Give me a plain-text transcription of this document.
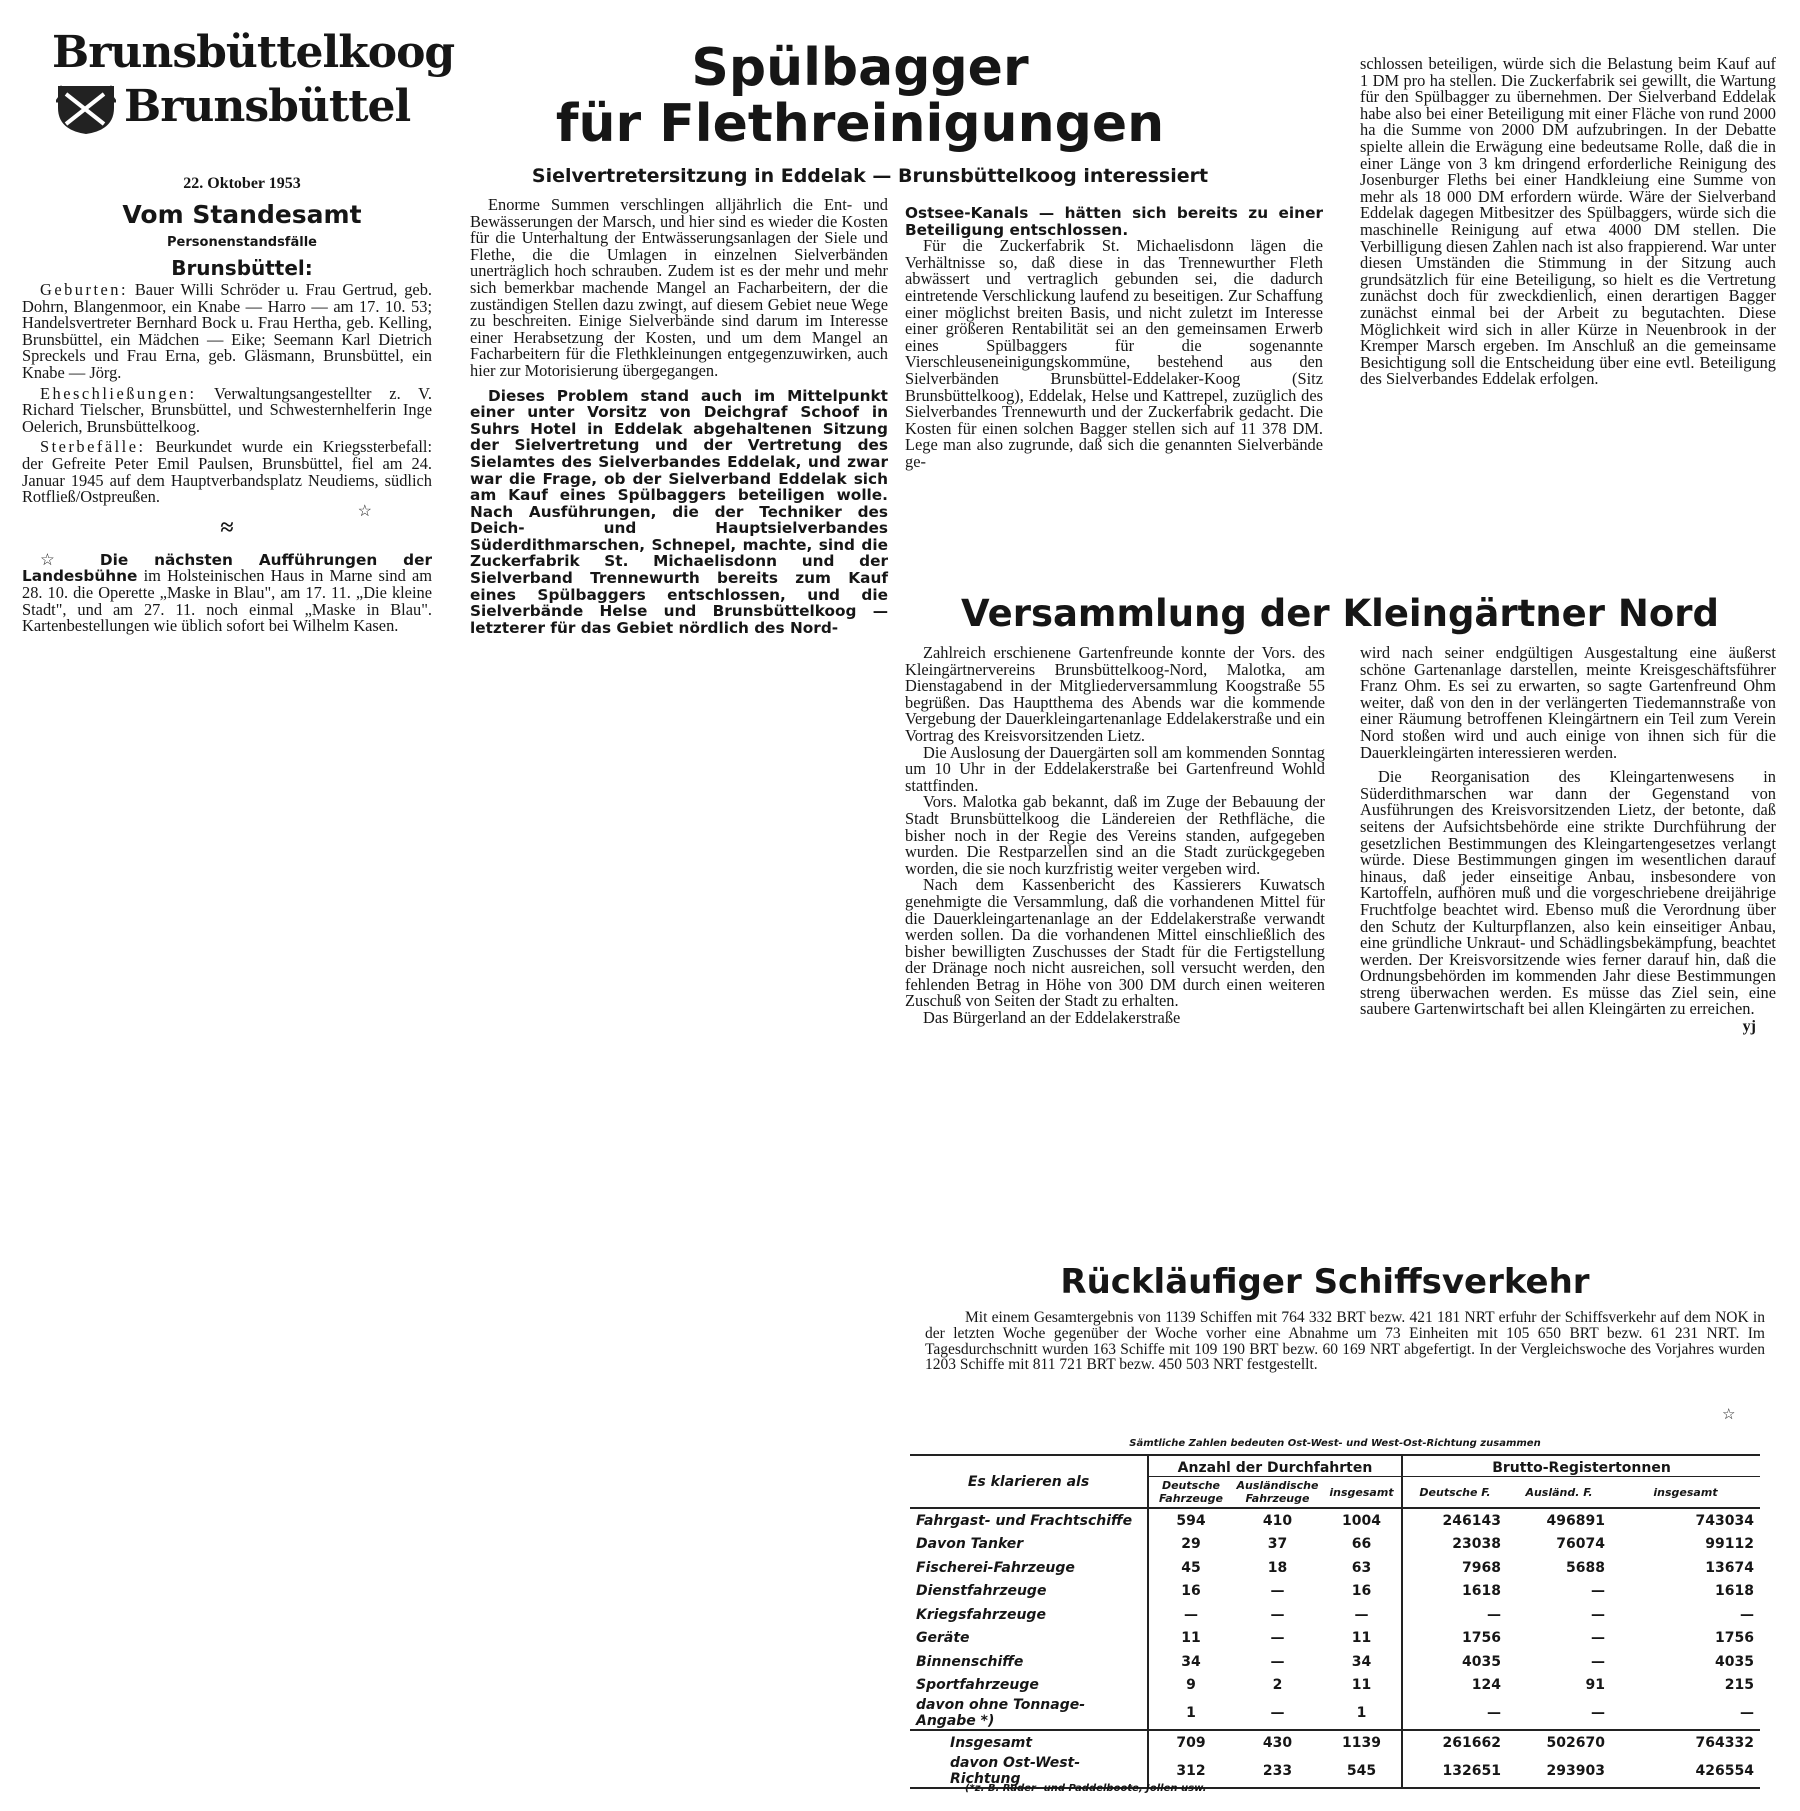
Brunsbüttelkoog
Brunsbüttel
22. Oktober 1953
Vom Standesamt
Personenstandsfälle
Brunsbüttel:

Geburten: Bauer Willi Schröder u. Frau Gertrud, geb. Dohrn, Blangenmoor, ein Knabe — Harro — am 17. 10. 53; Handelsvertreter Bernhard Bock u. Frau Hertha, geb. Kelling, Brunsbüttel, ein Mädchen — Eike; Seemann Karl Dietrich Spreckels und Frau Erna, geb. Gläsmann, Brunsbüttel, ein Knabe — Jörg.

Eheschließungen: Verwaltungsangestellter z. V. Richard Tielscher, Brunsbüttel, und Schwesternhelferin Inge Oelerich, Brunsbüttelkoog.

Sterbefälle: Beurkundet wurde ein Kriegssterbefall: der Gefreite Peter Emil Paulsen, Brunsbüttel, fiel am 24. Januar 1945 auf dem Hauptverbandsplatz Neudiems, südlich Rotfließ/Ostpreußen.

☆
≈

☆ Die nächsten Aufführungen der Landesbühne im Holsteinischen Haus in Marne sind am 28. 10. die Operette „Maske in Blau", am 17. 11. „Die kleine Stadt", und am 27. 11. noch einmal „Maske in Blau". Kartenbestellungen wie üblich sofort bei Wilhelm Kasen.

Spülbagger
für Flethreinigungen
Sielvertretersitzung in Eddelak — Brunsbüttelkoog interessiert

Enorme Summen verschlingen alljährlich die Ent- und Bewässerungen der Marsch, und hier sind es wieder die Kosten für die Unterhaltung der Entwässerungsanlagen der Siele und Flethe, die die Umlagen in einzelnen Sielverbänden unerträglich hoch schrauben. Zudem ist es der mehr und mehr sich bemerkbar machende Mangel an Facharbeitern, der die zuständigen Stellen dazu zwingt, auf diesem Gebiet neue Wege zu beschreiten. Einige Sielverbände sind darum im Interesse einer Herabsetzung der Kosten, und um dem Mangel an Facharbeitern für die Flethkleinungen entgegenzuwirken, auch hier zur Motorisierung übergegangen.

Dieses Problem stand auch im Mittelpunkt einer unter Vorsitz von Deichgraf Schoof in Suhrs Hotel in Eddelak abgehaltenen Sitzung der Sielvertretung und der Vertretung des Sielamtes des Sielverbandes Eddelak, und zwar war die Frage, ob der Sielverband Eddelak sich am Kauf eines Spülbaggers beteiligen wolle. Nach Ausführungen, die der Techniker des Deich- und Hauptsielverbandes Süderdithmarschen, Schnepel, machte, sind die Zuckerfabrik St. Michaelisdonn und der Sielverband Trennewurth bereits zum Kauf eines Spülbaggers entschlossen, und die Sielverbände Helse und Brunsbüttelkoog — letzterer für das Gebiet nördlich des Nord-

Ostsee-Kanals — hätten sich bereits zu einer Beteiligung entschlossen.

Für die Zuckerfabrik St. Michaelisdonn lägen die Verhältnisse so, daß diese in das Trennewurther Fleth abwässert und vertraglich gebunden sei, die dadurch eintretende Verschlickung laufend zu beseitigen. Zur Schaffung einer möglichst breiten Basis, und nicht zuletzt im Interesse einer größeren Rentabilität sei an den gemeinsamen Erwerb eines Spülbaggers für die sogenannte Vierschleuseneinigungskommüne, bestehend aus den Sielverbänden Brunsbüttel-Eddelaker-Koog (Sitz Brunsbüttelkoog), Eddelak, Helse und Kattrepel, zuzüglich des Sielverbandes Trennewurth und der Zuckerfabrik gedacht. Die Kosten für einen solchen Bagger stellen sich auf 11 378 DM. Lege man also zugrunde, daß sich die genannten Sielverbände ge-

schlossen beteiligen, würde sich die Belastung beim Kauf auf 1 DM pro ha stellen. Die Zuckerfabrik sei gewillt, die Wartung für den Spülbagger zu übernehmen. Der Sielverband Eddelak habe also bei einer Beteiligung mit einer Fläche von rund 2000 ha die Summe von 2000 DM aufzubringen. In der Debatte spielte allein die Erwägung eine bedeutsame Rolle, daß die in einer Länge von 3 km dringend erforderliche Reinigung des Josenburger Fleths bei einer Handkleiung eine Summe von mehr als 18 000 DM erfordern würde. Wäre der Sielverband Eddelak dagegen Mitbesitzer des Spülbaggers, würde sich die maschinelle Reinigung auf etwa 4000 DM stellen. Die Verbilligung diesen Zahlen nach ist also frappierend. War unter diesen Umständen die Stimmung in der Sitzung auch grundsätzlich für eine Beteiligung, so hielt es die Vertretung zunächst doch für zweckdienlich, einen derartigen Bagger zunächst einmal bei der Arbeit zu begutachten. Diese Möglichkeit wird sich in aller Kürze in Neuenbrook in der Kremper Marsch ergeben. Im Anschluß an die gemeinsame Besichtigung soll die Entscheidung über eine evtl. Beteiligung des Sielverbandes Eddelak erfolgen.

Versammlung der Kleingärtner Nord

Zahlreich erschienene Gartenfreunde konnte der Vors. des Kleingärtnervereins Brunsbüttelkoog-Nord, Malotka, am Dienstagabend in der Mitgliederversammlung Koogstraße 55 begrüßen. Das Hauptthema des Abends war die kommende Vergebung der Dauerkleingartenanlage Eddelakerstraße und ein Vortrag des Kreisvorsitzenden Lietz.

Die Auslosung der Dauergärten soll am kommenden Sonntag um 10 Uhr in der Eddelakerstraße bei Gartenfreund Wohld stattfinden.

Vors. Malotka gab bekannt, daß im Zuge der Bebauung der Stadt Brunsbüttelkoog die Ländereien der Rethfläche, die bisher noch in der Regie des Vereins standen, aufgegeben wurden. Die Restparzellen sind an die Stadt zurückgegeben worden, die sie noch kurzfristig weiter vergeben wird.

Nach dem Kassenbericht des Kassierers Kuwatsch genehmigte die Versammlung, daß die vorhandenen Mittel für die Dauerkleingartenanlage an der Eddelakerstraße verwandt werden sollen. Da die vorhandenen Mittel einschließlich des bisher bewilligten Zuschusses der Stadt für die Fertigstellung der Dränage noch nicht ausreichen, soll versucht werden, den fehlenden Betrag in Höhe von 300 DM durch einen weiteren Zuschuß von Seiten der Stadt zu erhalten.

Das Bürgerland an der Eddelakerstraße

wird nach seiner endgültigen Ausgestaltung eine äußerst schöne Gartenanlage darstellen, meinte Kreisgeschäftsführer Franz Ohm. Es sei zu erwarten, so sagte Gartenfreund Ohm weiter, daß von den in der verlängerten Tiedemannstraße von einer Räumung betroffenen Kleingärtnern ein Teil zum Verein Nord stoßen wird und auch einige von ihnen sich für die Dauerkleingärten interessieren werden.

Die Reorganisation des Kleingartenwesens in Süderdithmarschen war dann der Gegenstand von Ausführungen des Kreisvorsitzenden Lietz, der betonte, daß seitens der Aufsichtsbehörde eine strikte Durchführung der gesetzlichen Bestimmungen des Kleingartengesetzes verlangt würde. Diese Bestimmungen gingen im wesentlichen darauf hinaus, daß jeder einseitige Anbau, insbesondere von Kartoffeln, aufhören muß und die vorgeschriebene dreijährige Fruchtfolge beachtet wird. Ebenso muß die Verordnung über den Schutz der Kulturpflanzen, also kein einseitiger Anbau, eine gründliche Unkraut- und Schädlingsbekämpfung, beachtet werden. Der Kreisvorsitzende wies ferner darauf hin, daß die Ordnungsbehörden im kommenden Jahr diese Bestimmungen streng überwachen werden. Es müsse das Ziel sein, eine saubere Gartenwirtschaft bei allen Kleingärten zu erreichen.

yj
Rückläufiger Schiffsverkehr

Mit einem Gesamtergebnis von 1139 Schiffen mit 764 332 BRT bezw. 421 181 NRT erfuhr der Schiffsverkehr auf dem NOK in der letzten Woche gegenüber der Woche vorher eine Abnahme um 73 Einheiten mit 105 650 BRT bezw. 61 231 NRT. Im Tagesdurchschnitt wurden 163 Schiffe mit 109 190 BRT bezw. 60 169 NRT abgefertigt. In der Vergleichswoche des Vorjahres wurden 1203 Schiffe mit 811 721 BRT bezw. 450 503 NRT festgestellt.

☆
Sämtliche Zahlen bedeuten Ost-West- und West-Ost-Richtung zusammen
Es klarieren als	Anzahl der Durchfahrten			Brutto-Registertonnen		
	Deutsche Fahrzeuge	Ausländische Fahrzeuge	insgesamt	Deutsche F.	Ausländ. F.	insgesamt
Fahrgast- und Frachtschiffe	594	410	1004	246143	496891	743034
Davon Tanker	29	37	66	23038	76074	99112
Fischerei-Fahrzeuge	45	18	63	7968	5688	13674
Dienstfahrzeuge	16	—	16	1618	—	1618
Kriegsfahrzeuge	—	—	—	—	—	—
Geräte	11	—	11	1756	—	1756
Binnenschiffe	34	—	34	4035	—	4035
Sportfahrzeuge	9	2	11	124	91	215
davon ohne Tonnage-Angabe *)	1	—	1	—	—	—
Insgesamt	709	430	1139	261662	502670	764332
davon Ost-West-Richtung	312	233	545	132651	293903	426554
(*z. B. Ruder- und Paddelboote, Jollen usw.
